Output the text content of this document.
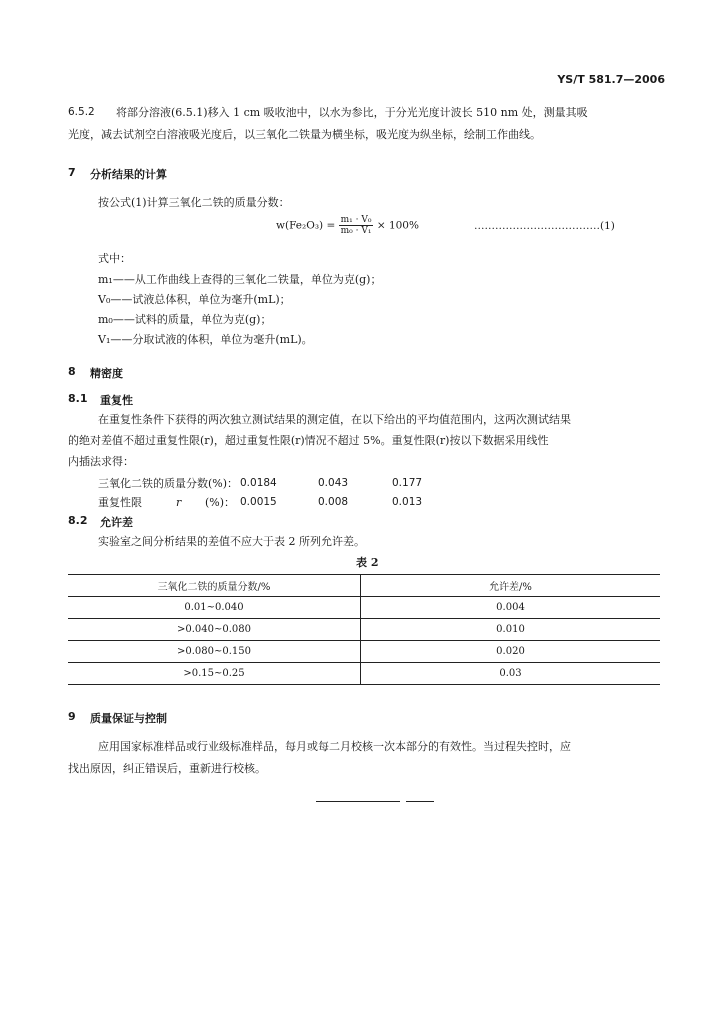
YS/T 581.7—2006
6.5.2 将部分溶液(6.5.1)移入 1 cm 吸收池中，以水为参比，于分光光度计波长 510 nm 处，测量其吸
光度，减去试剂空白溶液吸光度后，以三氧化二铁量为横坐标，吸光度为纵坐标，绘制工作曲线。
7 分析结果的计算
按公式(1)计算三氧化二铁的质量分数：
$w(Fe_2O_3) = \frac{\text{m₁ · V₀}}{\text{m₀ · V₁}} \times 100\%$	………………………………(1)
式中：
m₁——从工作曲线上查得的三氧化二铁量，单位为克(g)；
V₀——试液总体积，单位为毫升(mL)；
m₀——试料的质量，单位为克(g)；
V₁——分取试液的体积，单位为毫升(mL)。
8 精密度
8.1 重复性
在重复性条件下获得的两次独立测试结果的测定值，在以下给出的平均值范围内，这两次测试结果
的绝对差值不超过重复性限(r)，超过重复性限(r)情况不超过 5%。重复性限(r)按以下数据采用线性
内插法求得：
三氧化二铁的质量分数(%)： 0.0184	0.043	0.177
重复性限	r (%)： 0.0015	0.008	0.013
8.2 允许差
实验室之间分析结果的差值不应大于表 2 所列允许差。
表 2
三氧化二铁的质量分数/%	允许差/%
0.01~0.040	0.004
>0.040~0.080	0.010
>0.080~0.150	0.020
>0.15~0.25	0.03
9 质量保证与控制
应用国家标准样品或行业级标准样品，每月或每二月校核一次本部分的有效性。当过程失控时，应
找出原因，纠正错误后，重新进行校核。
